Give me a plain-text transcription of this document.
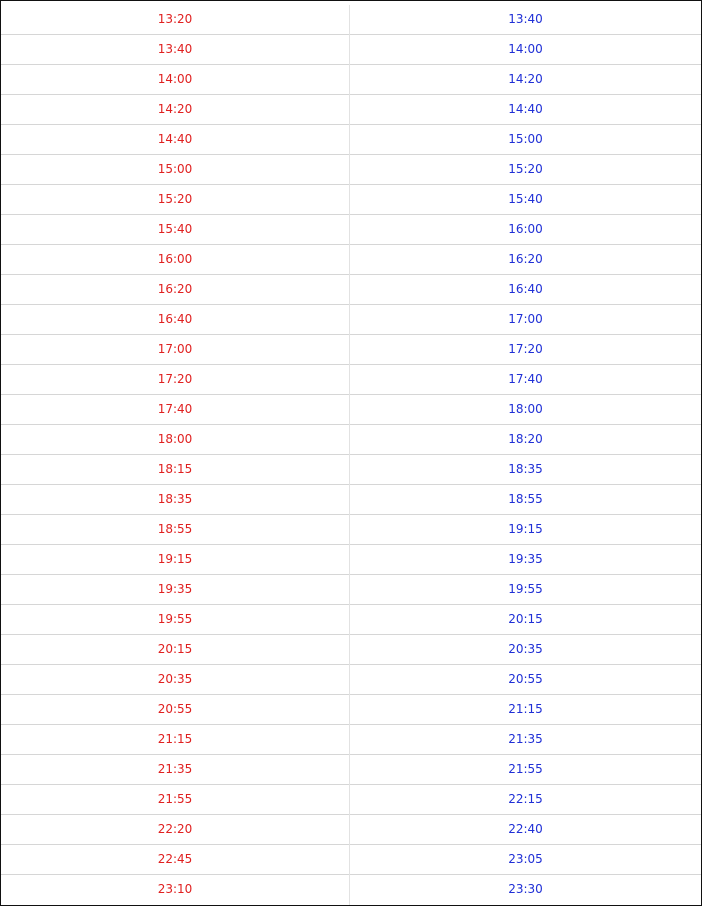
13:20	13:40
13:40	14:00
14:00	14:20
14:20	14:40
14:40	15:00
15:00	15:20
15:20	15:40
15:40	16:00
16:00	16:20
16:20	16:40
16:40	17:00
17:00	17:20
17:20	17:40
17:40	18:00
18:00	18:20
18:15	18:35
18:35	18:55
18:55	19:15
19:15	19:35
19:35	19:55
19:55	20:15
20:15	20:35
20:35	20:55
20:55	21:15
21:15	21:35
21:35	21:55
21:55	22:15
22:20	22:40
22:45	23:05
23:10	23:30
